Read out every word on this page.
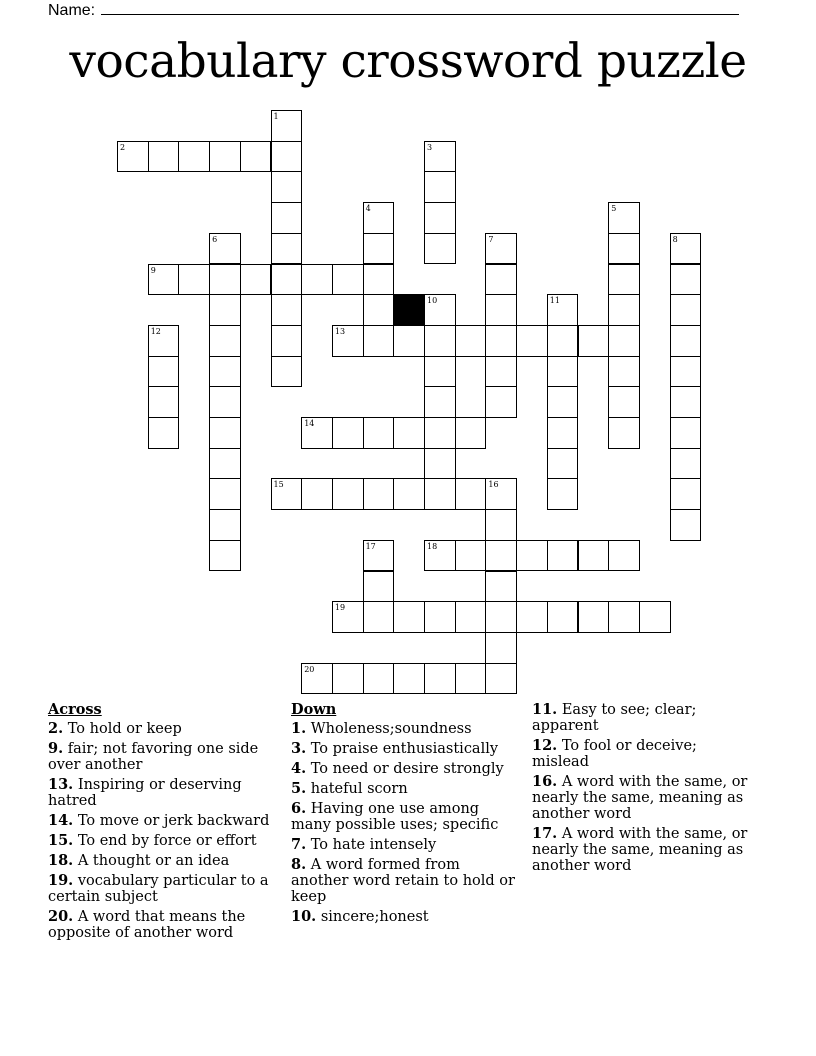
Name:
vocabulary crossword puzzle
2
1
3
4	5
6	7	8
9
10	11
12	13
14
15	16
17	18
19
20
Across
2. To hold or keep
9. fair; not favoring one side over another
13. Inspiring or deserving hatred
14. To move or jerk backward
15. To end by force or effort
18. A thought or an idea
19. vocabulary particular to a certain subject
20. A word that means the opposite of another word
Down
1. Wholeness;soundness
3. To praise enthusiastically
4. To need or desire strongly
5. hateful scorn
6. Having one use among many possible uses; specific
7. To hate intensely
8. A word formed from another word retain to hold or keep
10. sincere;honest
11. Easy to see; clear; apparent
12. To fool or deceive; mislead
16. A word with the same, or nearly the same, meaning as another word
17. A word with the same, or nearly the same, meaning as another word
